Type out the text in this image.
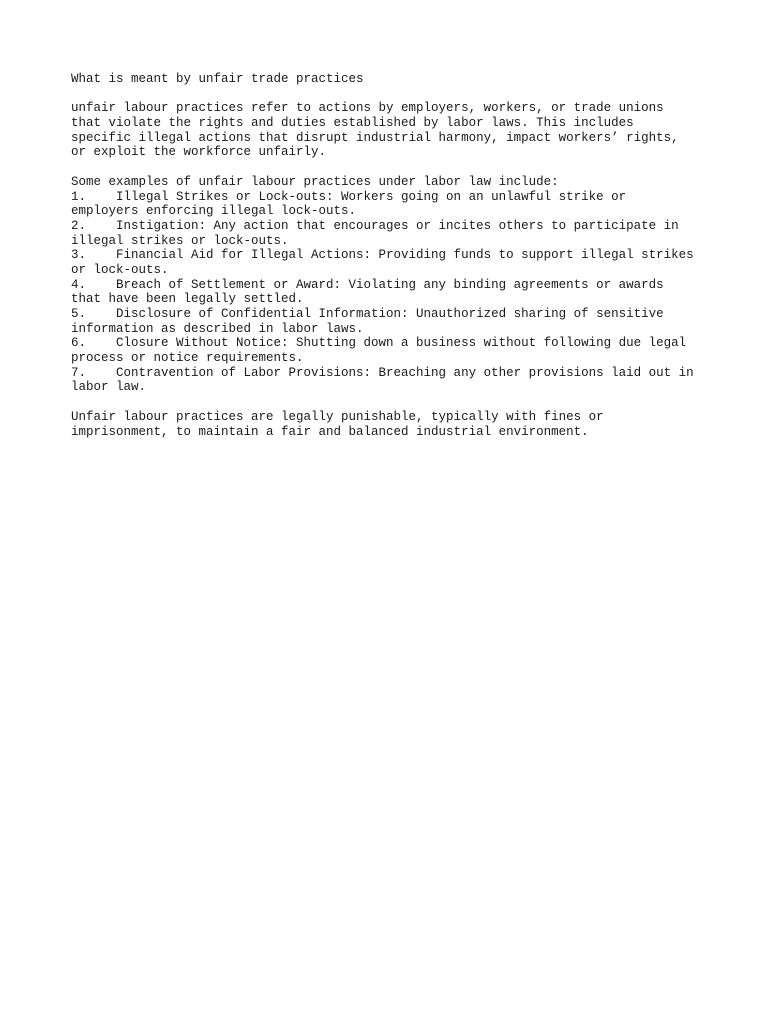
What is meant by unfair trade practices
unfair labour practices refer to actions by employers, workers, or trade unions
that violate the rights and duties established by labor laws. This includes
specific illegal actions that disrupt industrial harmony, impact workers’ rights,
or exploit the workforce unfairly.
Some examples of unfair labour practices under labor law include:
1.    Illegal Strikes or Lock-outs: Workers going on an unlawful strike or
employers enforcing illegal lock-outs.
2.    Instigation: Any action that encourages or incites others to participate in
illegal strikes or lock-outs.
3.    Financial Aid for Illegal Actions: Providing funds to support illegal strikes
or lock-outs.
4.    Breach of Settlement or Award: Violating any binding agreements or awards
that have been legally settled.
5.    Disclosure of Confidential Information: Unauthorized sharing of sensitive
information as described in labor laws.
6.    Closure Without Notice: Shutting down a business without following due legal
process or notice requirements.
7.    Contravention of Labor Provisions: Breaching any other provisions laid out in
labor law.
Unfair labour practices are legally punishable, typically with fines or
imprisonment, to maintain a fair and balanced industrial environment.
